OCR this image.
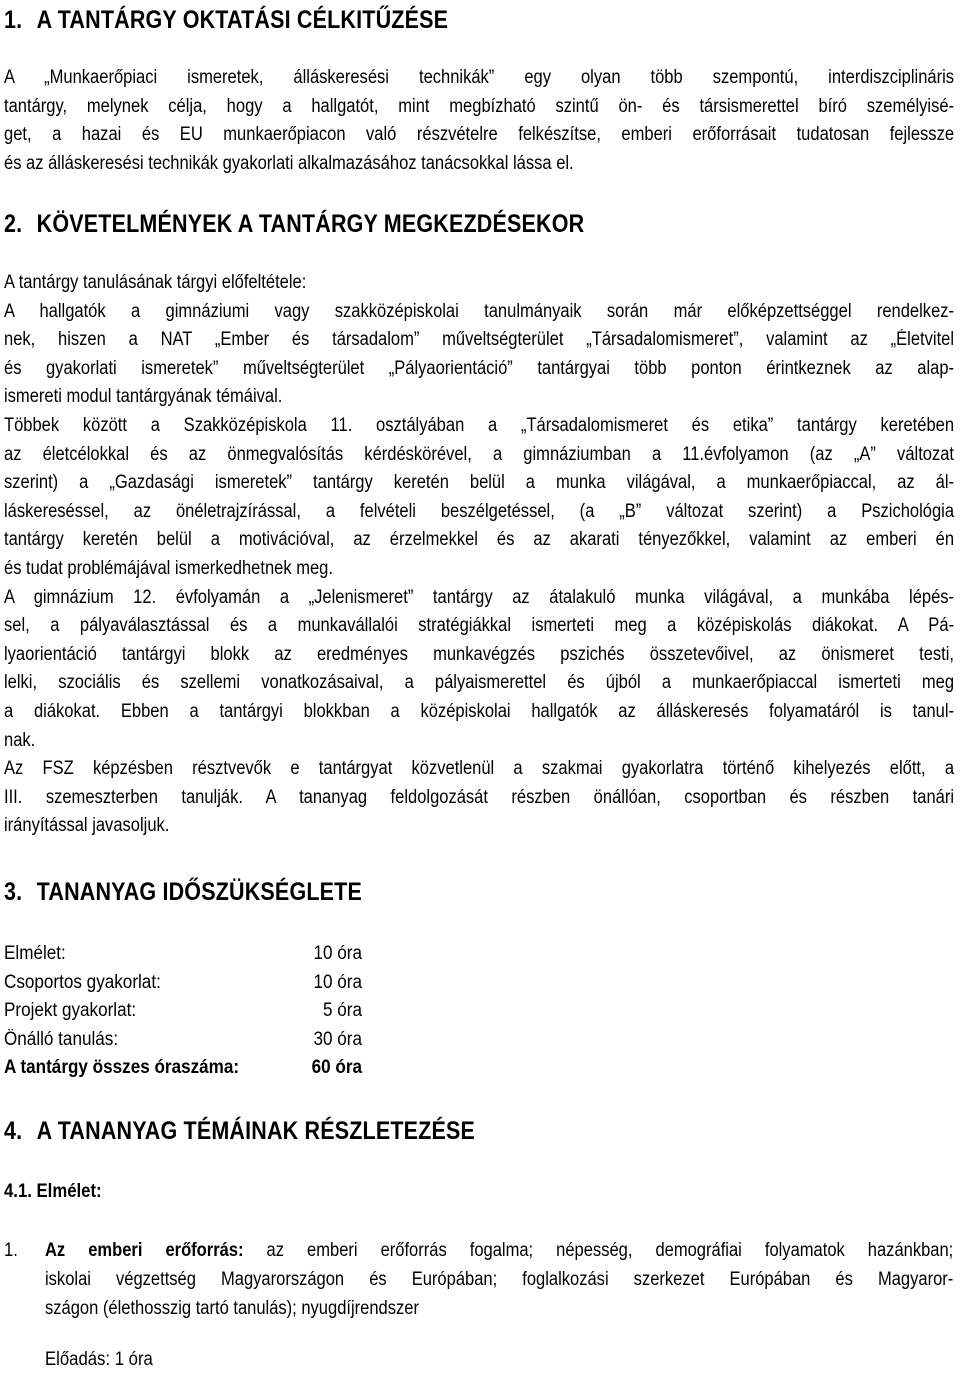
1. A TANTÁRGY OKTATÁSI CÉLKITŰZÉSE
A „Munkaerőpiaci ismeretek, álláskeresési technikák” egy olyan több szempontú, interdiszciplináris
tantárgy, melynek célja, hogy a hallgatót, mint megbízható szintű ön- és társismerettel bíró személyisé-
get, a hazai és EU munkaerőpiacon való részvételre felkészítse, emberi erőforrásait tudatosan fejlessze
és az álláskeresési technikák gyakorlati alkalmazásához tanácsokkal lássa el.
2. KÖVETELMÉNYEK A TANTÁRGY MEGKEZDÉSEKOR
A tantárgy tanulásának tárgyi előfeltétele:
A hallgatók a gimnáziumi vagy szakközépiskolai tanulmányaik során már előképzettséggel rendelkez-
nek, hiszen a NAT „Ember és társadalom” műveltségterület „Társadalomismeret”, valamint az „Életvitel
és gyakorlati ismeretek” műveltségterület „Pályaorientáció” tantárgyai több ponton érintkeznek az alap-
ismereti modul tantárgyának témáival.
Többek között a Szakközépiskola 11. osztályában a „Társadalomismeret és etika” tantárgy keretében
az életcélokkal és az önmegvalósítás kérdéskörével, a gimnáziumban a 11.évfolyamon (az „A” változat
szerint) a „Gazdasági ismeretek” tantárgy keretén belül a munka világával, a munkaerőpiaccal, az ál-
láskereséssel, az önéletrajzírással, a felvételi beszélgetéssel, (a „B” változat szerint) a Pszichológia
tantárgy keretén belül a motivációval, az érzelmekkel és az akarati tényezőkkel, valamint az emberi én
és tudat problémájával ismerkedhetnek meg.
A gimnázium 12. évfolyamán a „Jelenismeret” tantárgy az átalakuló munka világával, a munkába lépés-
sel, a pályaválasztással és a munkavállalói stratégiákkal ismerteti meg a középiskolás diákokat. A Pá-
lyaorientáció tantárgyi blokk az eredményes munkavégzés pszichés összetevőivel, az önismeret testi,
lelki, szociális és szellemi vonatkozásaival, a pályaismerettel és újból a munkaerőpiaccal ismerteti meg
a diákokat. Ebben a tantárgyi blokkban a középiskolai hallgatók az álláskeresés folyamatáról is tanul-
nak.
Az FSZ képzésben résztvevők e tantárgyat közvetlenül a szakmai gyakorlatra történő kihelyezés előtt, a
III. szemeszterben tanulják. A tananyag feldolgozását részben önállóan, csoportban és részben tanári
irányítással javasoljuk.
3. TANANYAG IDŐSZÜKSÉGLETE
Elmélet:	10 óra
Csoportos gyakorlat:	10 óra
Projekt gyakorlat:	5 óra
Önálló tanulás:	30 óra
A tantárgy összes óraszáma:	60 óra
4. A TANANYAG TÉMÁINAK RÉSZLETEZÉSE
4.1. Elmélet:
1. Az emberi erőforrás: az emberi erőforrás fogalma; népesség, demográfiai folyamatok hazánkban;
iskolai végzettség Magyarországon és Európában; foglalkozási szerkezet Európában és Magyaror-
szágon (élethosszig tartó tanulás); nyugdíjrendszer
Előadás: 1 óra
